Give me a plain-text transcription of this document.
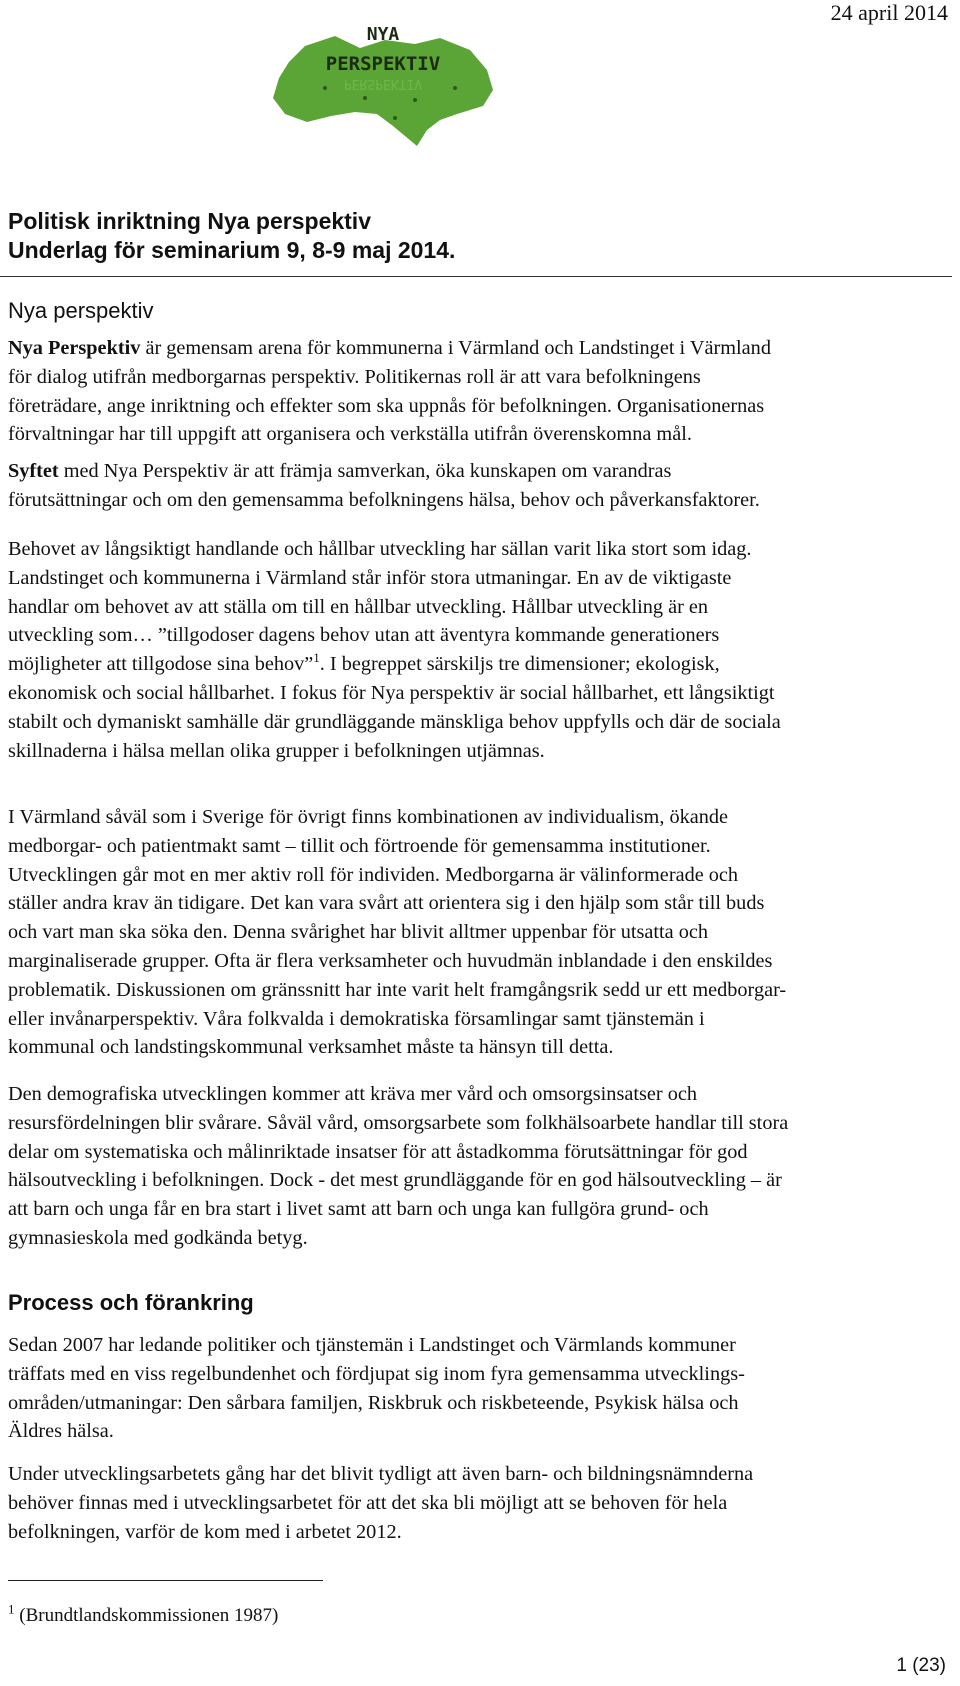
24 april 2014
NYA
PERSPEKTIV
PERSPEKTIV
Politisk inriktning Nya perspektiv
Underlag för seminarium 9, 8-9 maj 2014.
Nya perspektiv
Nya Perspektiv är gemensam arena för kommunerna i Värmland och Landstinget i Värmland
för dialog utifrån medborgarnas perspektiv. Politikernas roll är att vara befolkningens
företrädare, ange inriktning och effekter som ska uppnås för befolkningen. Organisationernas
förvaltningar har till uppgift att organisera och verkställa utifrån överenskomna mål.
Syftet med Nya Perspektiv är att främja samverkan, öka kunskapen om varandras
förutsättningar och om den gemensamma befolkningens hälsa, behov och påverkansfaktorer.
Behovet av långsiktigt handlande och hållbar utveckling har sällan varit lika stort som idag.
Landstinget och kommunerna i Värmland står inför stora utmaningar. En av de viktigaste
handlar om behovet av att ställa om till en hållbar utveckling. Hållbar utveckling är en
utveckling som… ”tillgodoser dagens behov utan att äventyra kommande generationers
möjligheter att tillgodose sina behov”$^1$. I begreppet särskiljs tre dimensioner; ekologisk,
ekonomisk och social hållbarhet. I fokus för Nya perspektiv är social hållbarhet, ett långsiktigt
stabilt och dymaniskt samhälle där grundläggande mänskliga behov uppfylls och där de sociala
skillnaderna i hälsa mellan olika grupper i befolkningen utjämnas.
I Värmland såväl som i Sverige för övrigt finns kombinationen av individualism, ökande
medborgar- och patientmakt samt – tillit och förtroende för gemensamma institutioner.
Utvecklingen går mot en mer aktiv roll för individen. Medborgarna är välinformerade och
ställer andra krav än tidigare. Det kan vara svårt att orientera sig i den hjälp som står till buds
och vart man ska söka den. Denna svårighet har blivit alltmer uppenbar för utsatta och
marginaliserade grupper. Ofta är flera verksamheter och huvudmän inblandade i den enskildes
problematik. Diskussionen om gränssnitt har inte varit helt framgångsrik sedd ur ett medborgar-
eller invånarperspektiv. Våra folkvalda i demokratiska församlingar samt tjänstemän i
kommunal och landstingskommunal verksamhet måste ta hänsyn till detta.
Den demografiska utvecklingen kommer att kräva mer vård och omsorgsinsatser och
resursfördelningen blir svårare. Såväl vård, omsorgsarbete som folkhälsoarbete handlar till stora
delar om systematiska och målinriktade insatser för att åstadkomma förutsättningar för god
hälsoutveckling i befolkningen. Dock - det mest grundläggande för en god hälsoutveckling – är
att barn och unga får en bra start i livet samt att barn och unga kan fullgöra grund- och
gymnasieskola med godkända betyg.
Process och förankring
Sedan 2007 har ledande politiker och tjänstemän i Landstinget och Värmlands kommuner
träffats med en viss regelbundenhet och fördjupat sig inom fyra gemensamma utvecklings-
områden/utmaningar: Den sårbara familjen, Riskbruk och riskbeteende, Psykisk hälsa och
Äldres hälsa.
Under utvecklingsarbetets gång har det blivit tydligt att även barn- och bildningsnämnderna
behöver finnas med i utvecklingsarbetet för att det ska bli möjligt att se behoven för hela
befolkningen, varför de kom med i arbetet 2012.
$^1$ (Brundtlandskommissionen 1987)
1 (23)
